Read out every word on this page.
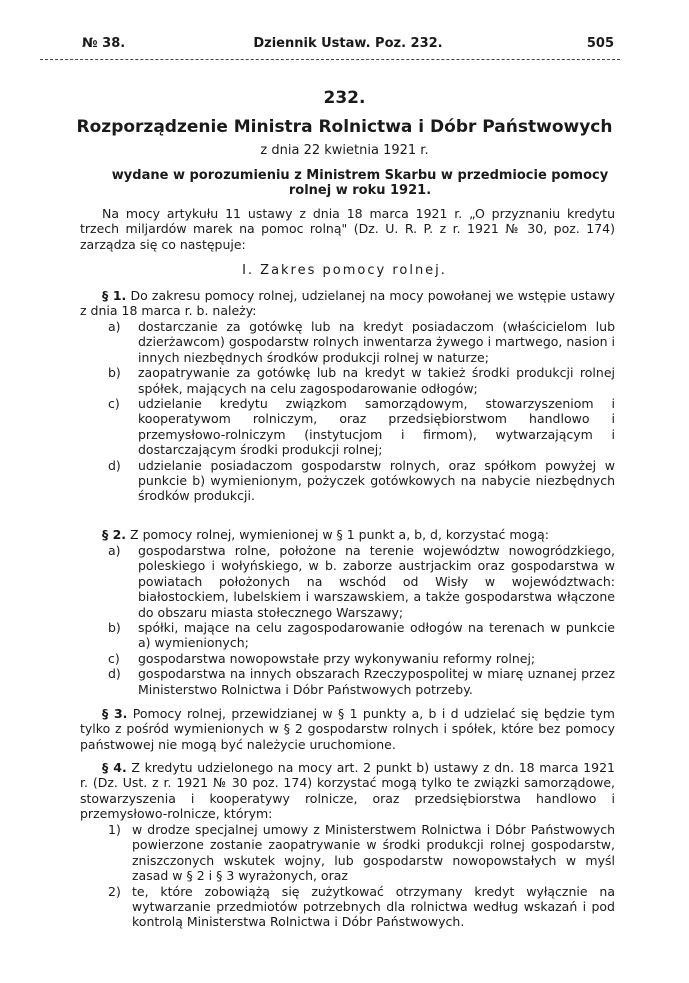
№ 38.	Dziennik Ustaw. Poz. 232.	505
232.
Rozporządzenie Ministra Rolnictwa i Dóbr Państwowych
z dnia 22 kwietnia 1921 r.
wydane w porozumieniu z Ministrem Skarbu w przedmiocie pomocy rolnej w roku 1921.
Na mocy artykułu 11 ustawy z dnia 18 marca 1921 r. „O przyznaniu kredytu trzech miljardów marek na pomoc rolną" (Dz. U. R. P. z r. 1921 № 30, poz. 174) zarządza się co następuje:
I. Zakres pomocy rolnej.
§ 1. Do zakresu pomocy rolnej, udzielanej na mocy powołanej we wstępie ustawy z dnia 18 marca r. b. należy:
a) dostarczanie za gotówkę lub na kredyt posiadaczom (właścicielom lub dzierżawcom) gospodarstw rolnych inwentarza żywego i martwego, nasion i innych niezbędnych środków produkcji rolnej w naturze;
b) zaopatrywanie za gotówkę lub na kredyt w takież środki produkcji rolnej spółek, mających na celu zagospodarowanie odłogów;
c) udzielanie kredytu związkom samorządowym, stowarzyszeniom i kooperatywom rolniczym, oraz przedsiębiorstwom handlowo i przemysłowo-rolniczym (instytucjom i firmom), wytwarzającym i dostarczającym środki produkcji rolnej;
d) udzielanie posiadaczom gospodarstw rolnych, oraz spółkom powyżej w punkcie b) wymienionym, pożyczek gotówkowych na nabycie niezbędnych środków produkcji.
§ 2. Z pomocy rolnej, wymienionej w § 1 punkt a, b, d, korzystać mogą:
a) gospodarstwa rolne, położone na terenie województw nowogródzkiego, poleskiego i wołyńskiego, w b. zaborze austrjackim oraz gospodarstwa w powiatach położonych na wschód od Wisły w województwach: białostockiem, lubelskiem i warszawskiem, a także gospodarstwa włączone do obszaru miasta stołecznego Warszawy;
b) spółki, mające na celu zagospodarowanie odłogów na terenach w punkcie a) wymienionych;
c) gospodarstwa nowopowstałe przy wykonywaniu reformy rolnej;
d) gospodarstwa na innych obszarach Rzeczypospolitej w miarę uznanej przez Ministerstwo Rolnictwa i Dóbr Państwowych potrzeby.
§ 3. Pomocy rolnej, przewidzianej w § 1 punkty a, b i d udzielać się będzie tym tylko z pośród wymienionych w § 2 gospodarstw rolnych i spółek, które bez pomocy państwowej nie mogą być należycie uruchomione.
§ 4. Z kredytu udzielonego na mocy art. 2 punkt b) ustawy z dn. 18 marca 1921 r. (Dz. Ust. z r. 1921 № 30 poz. 174) korzystać mogą tylko te związki samorządowe, stowarzyszenia i kooperatywy rolnicze, oraz przedsiębiorstwa handlowo i przemysłowo-rolnicze, którym:
1) w drodze specjalnej umowy z Ministerstwem Rolnictwa i Dóbr Państwowych powierzone zostanie zaopatrywanie w środki produkcji rolnej gospodarstw, zniszczonych wskutek wojny, lub gospodarstw nowopowstałych w myśl zasad w § 2 i § 3 wyrażonych, oraz
2) te, które zobowiążą się zużytkować otrzymany kredyt wyłącznie na wytwarzanie przedmiotów potrzebnych dla rolnictwa według wskazań i pod kontrolą Ministerstwa Rolnictwa i Dóbr Państwowych.
